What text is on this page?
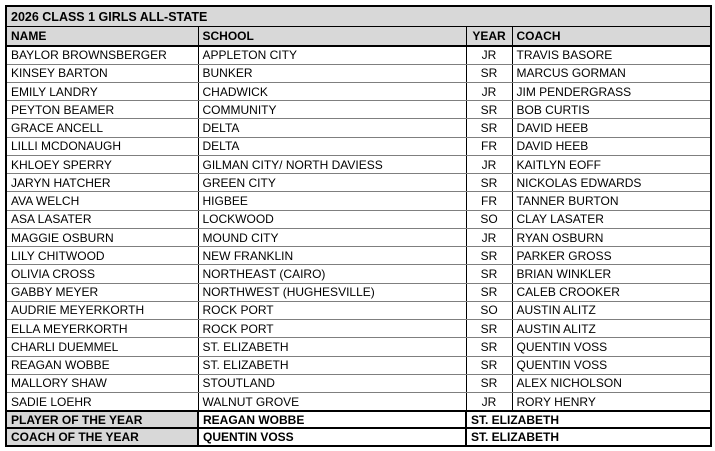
2026 CLASS 1 GIRLS ALL-STATE			
NAME	SCHOOL	YEAR	COACH
BAYLOR BROWNSBERGER	APPLETON CITY	JR	TRAVIS BASORE
KINSEY BARTON	BUNKER	SR	MARCUS GORMAN
EMILY LANDRY	CHADWICK	JR	JIM PENDERGRASS
PEYTON BEAMER	COMMUNITY	SR	BOB CURTIS
GRACE ANCELL	DELTA	SR	DAVID HEEB
LILLI MCDONAUGH	DELTA	FR	DAVID HEEB
KHLOEY SPERRY	GILMAN CITY/ NORTH DAVIESS	JR	KAITLYN EOFF
JARYN HATCHER	GREEN CITY	SR	NICKOLAS EDWARDS
AVA WELCH	HIGBEE	FR	TANNER BURTON
ASA LASATER	LOCKWOOD	SO	CLAY LASATER
MAGGIE OSBURN	MOUND CITY	JR	RYAN OSBURN
LILY CHITWOOD	NEW FRANKLIN	SR	PARKER GROSS
OLIVIA CROSS	NORTHEAST (CAIRO)	SR	BRIAN WINKLER
GABBY MEYER	NORTHWEST (HUGHESVILLE)	SR	CALEB CROOKER
AUDRIE MEYERKORTH	ROCK PORT	SO	AUSTIN ALITZ
ELLA MEYERKORTH	ROCK PORT	SR	AUSTIN ALITZ
CHARLI DUEMMEL	ST. ELIZABETH	SR	QUENTIN VOSS
REAGAN WOBBE	ST. ELIZABETH	SR	QUENTIN VOSS
MALLORY SHAW	STOUTLAND	SR	ALEX NICHOLSON
SADIE LOEHR	WALNUT GROVE	JR	RORY HENRY
PLAYER OF THE YEAR	REAGAN WOBBE	ST. ELIZABETH	
COACH OF THE YEAR	QUENTIN VOSS	ST. ELIZABETH	
